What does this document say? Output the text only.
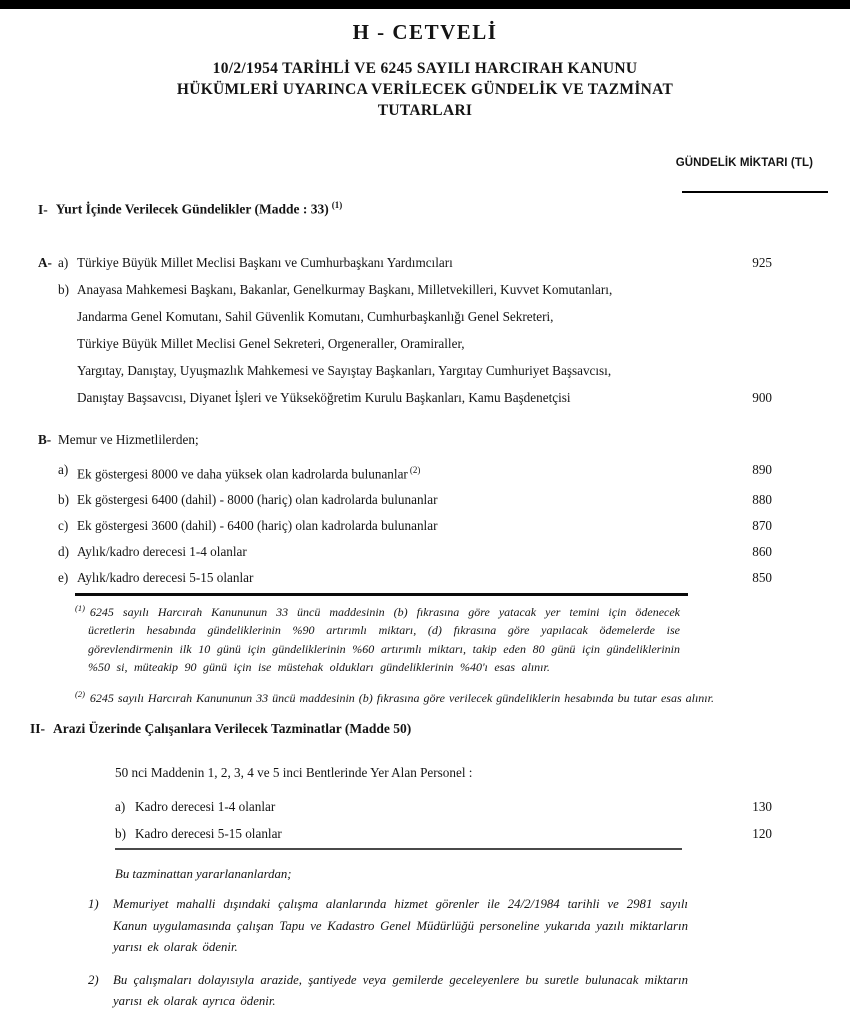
H - CETVELİ
10/2/1954 TARİHLİ VE 6245 SAYILI HARCIRAH KANUNU
HÜKÜMLERİ UYARINCA VERİLECEK GÜNDELİK VE TAZMİNAT
TUTARLARI
GÜNDELİK MİKTARI (TL)
I- Yurt İçinde Verilecek Gündelikler (Madde : 33) $^{(1)}$
A- a) Türkiye Büyük Millet Meclisi Başkanı ve Cumhurbaşkanı Yardımcıları	925
b) Anayasa Mahkemesi Başkanı, Bakanlar, Genelkurmay Başkanı, Milletvekilleri, Kuvvet Komutanları,
Jandarma Genel Komutanı, Sahil Güvenlik Komutanı, Cumhurbaşkanlığı Genel Sekreteri,
Türkiye Büyük Millet Meclisi Genel Sekreteri, Orgeneraller, Oramiraller,
Yargıtay, Danıştay, Uyuşmazlık Mahkemesi ve Sayıştay Başkanları, Yargıtay Cumhuriyet Başsavcısı,
Danıştay Başsavcısı, Diyanet İşleri ve Yükseköğretim Kurulu Başkanları, Kamu Başdenetçisi	900
B- Memur ve Hizmetlilerden;
a) Ek göstergesi 8000 ve daha yüksek olan kadrolarda bulunanlar $^{(2)}$	890
b) Ek göstergesi 6400 (dahil) - 8000 (hariç) olan kadrolarda bulunanlar	880
c) Ek göstergesi 3600 (dahil) - 6400 (hariç) olan kadrolarda bulunanlar	870
d) Aylık/kadro derecesi 1-4 olanlar	860
e) Aylık/kadro derecesi 5-15 olanlar	850
$^{(1)}$ 6245 sayılı Harcırah Kanununun 33 üncü maddesinin (b) fıkrasına göre yatacak yer temini için ödenecek ücretlerin hesabında gündeliklerinin %90 artırımlı miktarı, (d) fıkrasına göre yapılacak ödemelerde ise görevlendirmenin ilk 10 günü için gündeliklerinin %60 artırımlı miktarı, takip eden 80 günü için gündeliklerinin %50 si, müteakip 90 günü için ise müstehak oldukları gündeliklerinin %40'ı esas alınır.
$^{(2)}$ 6245 sayılı Harcırah Kanununun 33 üncü maddesinin (b) fıkrasına göre verilecek gündeliklerin hesabında bu tutar esas alınır.
II- Arazi Üzerinde Çalışanlara Verilecek Tazminatlar (Madde 50)
50 nci Maddenin 1, 2, 3, 4 ve 5 inci Bentlerinde Yer Alan Personel :
a) Kadro derecesi 1-4 olanlar	130
b) Kadro derecesi 5-15 olanlar	120
Bu tazminattan yararlananlardan;
1)	Memuriyet mahalli dışındaki çalışma alanlarında hizmet görenler ile 24/2/1984 tarihli ve 2981 sayılı Kanun uygulamasında çalışan Tapu ve Kadastro Genel Müdürlüğü personeline yukarıda yazılı miktarların yarısı ek olarak ödenir.
2)	Bu çalışmaları dolayısıyla arazide, şantiyede veya gemilerde geceleyenlere bu suretle bulunacak miktarın yarısı ek olarak ayrıca ödenir.
